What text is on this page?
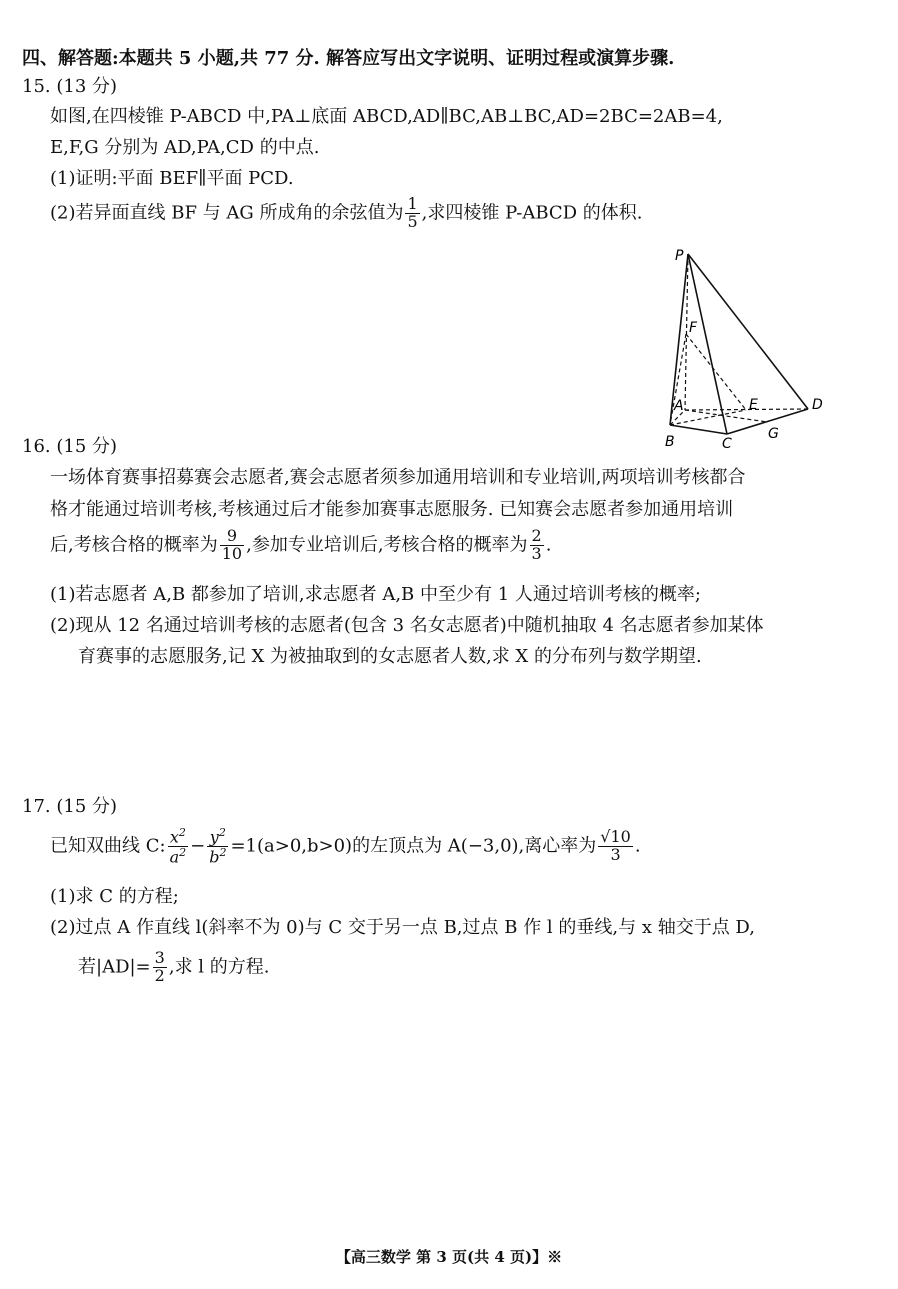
四、解答题:本题共 5 小题,共 77 分. 解答应写出文字说明、证明过程或演算步骤.
15. (13 分)
如图,在四棱锥 P-ABCD 中,PA⊥底面 ABCD,AD∥BC,AB⊥BC,AD=2BC=2AB=4,
E,F,G 分别为 AD,PA,CD 的中点.
(1)证明:平面 BEF∥平面 PCD.
(2)若异面直线 BF 与 AG 所成角的余弦值为 $\frac{1}{5}$ ,求四棱锥 P-ABCD 的体积.
P
F
A	E	D
B	C
G
16. (15 分)
一场体育赛事招募赛会志愿者,赛会志愿者须参加通用培训和专业培训,两项培训考核都合
格才能通过培训考核,考核通过后才能参加赛事志愿服务. 已知赛会志愿者参加通用培训
后,考核合格的概率为 $\frac{9}{10}$ ,参加专业培训后,考核合格的概率为 $\frac{2}{3}$ .
(1)若志愿者 A,B 都参加了培训,求志愿者 A,B 中至少有 1 人通过培训考核的概率;
(2)现从 12 名通过培训考核的志愿者(包含 3 名女志愿者)中随机抽取 4 名志愿者参加某体
育赛事的志愿服务,记 X 为被抽取到的女志愿者人数,求 X 的分布列与数学期望.
17. (15 分)
已知双曲线 C: $\frac{x^2}{a^2} - \frac{y^2}{b^2} =1(a>0,b>0)$的左顶点为 A(−3,0),离心率为 $\frac{√10}{3}$ .
(1)求 C 的方程;
(2)过点 A 作直线 l(斜率不为 0)与 C 交于另一点 B,过点 B 作 l 的垂线,与 x 轴交于点 D,
若$|AD|= \frac{3}{2}$ ,求 l 的方程.
【高三数学 第 3 页(共 4 页)】※
